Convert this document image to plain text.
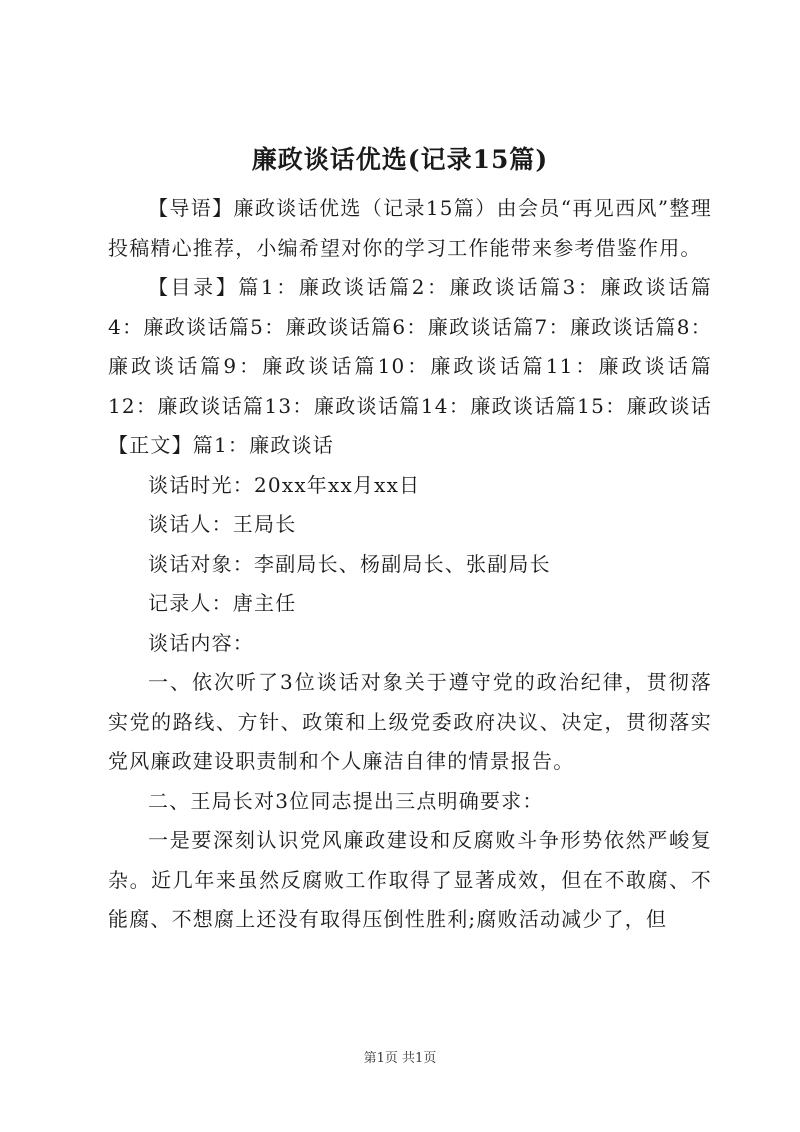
廉政谈话优选(记录15篇)

【导语】廉政谈话优选（记录15篇）由会员“再见西风”整理投稿精心推荐，小编希望对你的学习工作能带来参考借鉴作用。

【目录】篇1：廉政谈话篇2：廉政谈话篇3：廉政谈话篇4：廉政谈话篇5：廉政谈话篇6：廉政谈话篇7：廉政谈话篇8：廉政谈话篇9：廉政谈话篇10：廉政谈话篇11：廉政谈话篇12：廉政谈话篇13：廉政谈话篇14：廉政谈话篇15：廉政谈话【正文】篇1：廉政谈话

谈话时光：20xx年xx月xx日

谈话人：王局长

谈话对象：李副局长、杨副局长、张副局长

记录人：唐主任

谈话内容：

一、依次听了3位谈话对象关于遵守党的政治纪律，贯彻落实党的路线、方针、政策和上级党委政府决议、决定，贯彻落实党风廉政建设职责制和个人廉洁自律的情景报告。

二、王局长对3位同志提出三点明确要求：

一是要深刻认识党风廉政建设和反腐败斗争形势依然严峻复杂。近几年来虽然反腐败工作取得了显著成效，但在不敢腐、不能腐、不想腐上还没有取得压倒性胜利;腐败活动减少了，但

第1页 共1页
